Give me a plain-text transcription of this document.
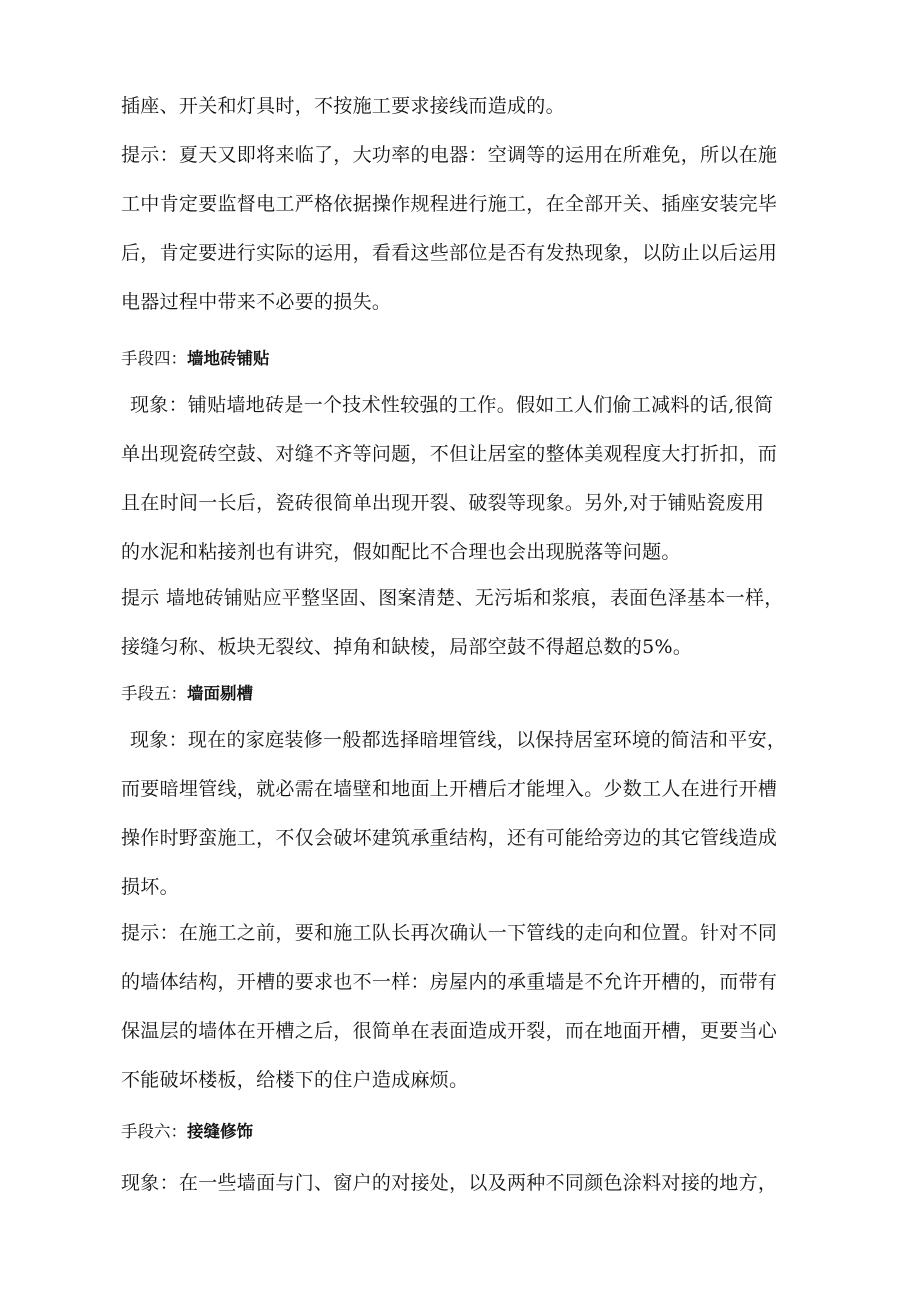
插座、开关和灯具时，不按施工要求接线而造成的。

提示：夏天又即将来临了，大功率的电器：空调等的运用在所难免，所以在施

工中肯定要监督电工严格依据操作规程进行施工，在全部开关、插座安装完毕

后，肯定要进行实际的运用，看看这些部位是否有发热现象，以防止以后运用

电器过程中带来不必要的损失。

手段四：墙地砖铺贴

现象：铺贴墙地砖是一个技术性较强的工作。假如工人们偷工减料的话,很简

单出现瓷砖空鼓、对缝不齐等问题，不但让居室的整体美观程度大打折扣，而

且在时间一长后，瓷砖很简单出现开裂、破裂等现象。另外,对于铺贴瓷废用

的水泥和粘接剂也有讲究，假如配比不合理也会出现脱落等问题。

提示 墙地砖铺贴应平整坚固、图案清楚、无污垢和浆痕，表面色泽基本一样，

接缝匀称、板块无裂纹、掉角和缺棱，局部空鼓不得超总数的5%。

手段五：墙面剔槽

现象：现在的家庭装修一般都选择暗埋管线，以保持居室环境的简洁和平安，

而要暗埋管线，就必需在墙壁和地面上开槽后才能埋入。少数工人在进行开槽

操作时野蛮施工，不仅会破坏建筑承重结构，还有可能给旁边的其它管线造成

损坏。

提示：在施工之前，要和施工队长再次确认一下管线的走向和位置。针对不同

的墙体结构，开槽的要求也不一样：房屋内的承重墙是不允许开槽的，而带有

保温层的墙体在开槽之后，很简单在表面造成开裂，而在地面开槽，更要当心

不能破坏楼板，给楼下的住户造成麻烦。

手段六：接缝修饰

现象：在一些墙面与门、窗户的对接处，以及两种不同颜色涂料对接的地方，
